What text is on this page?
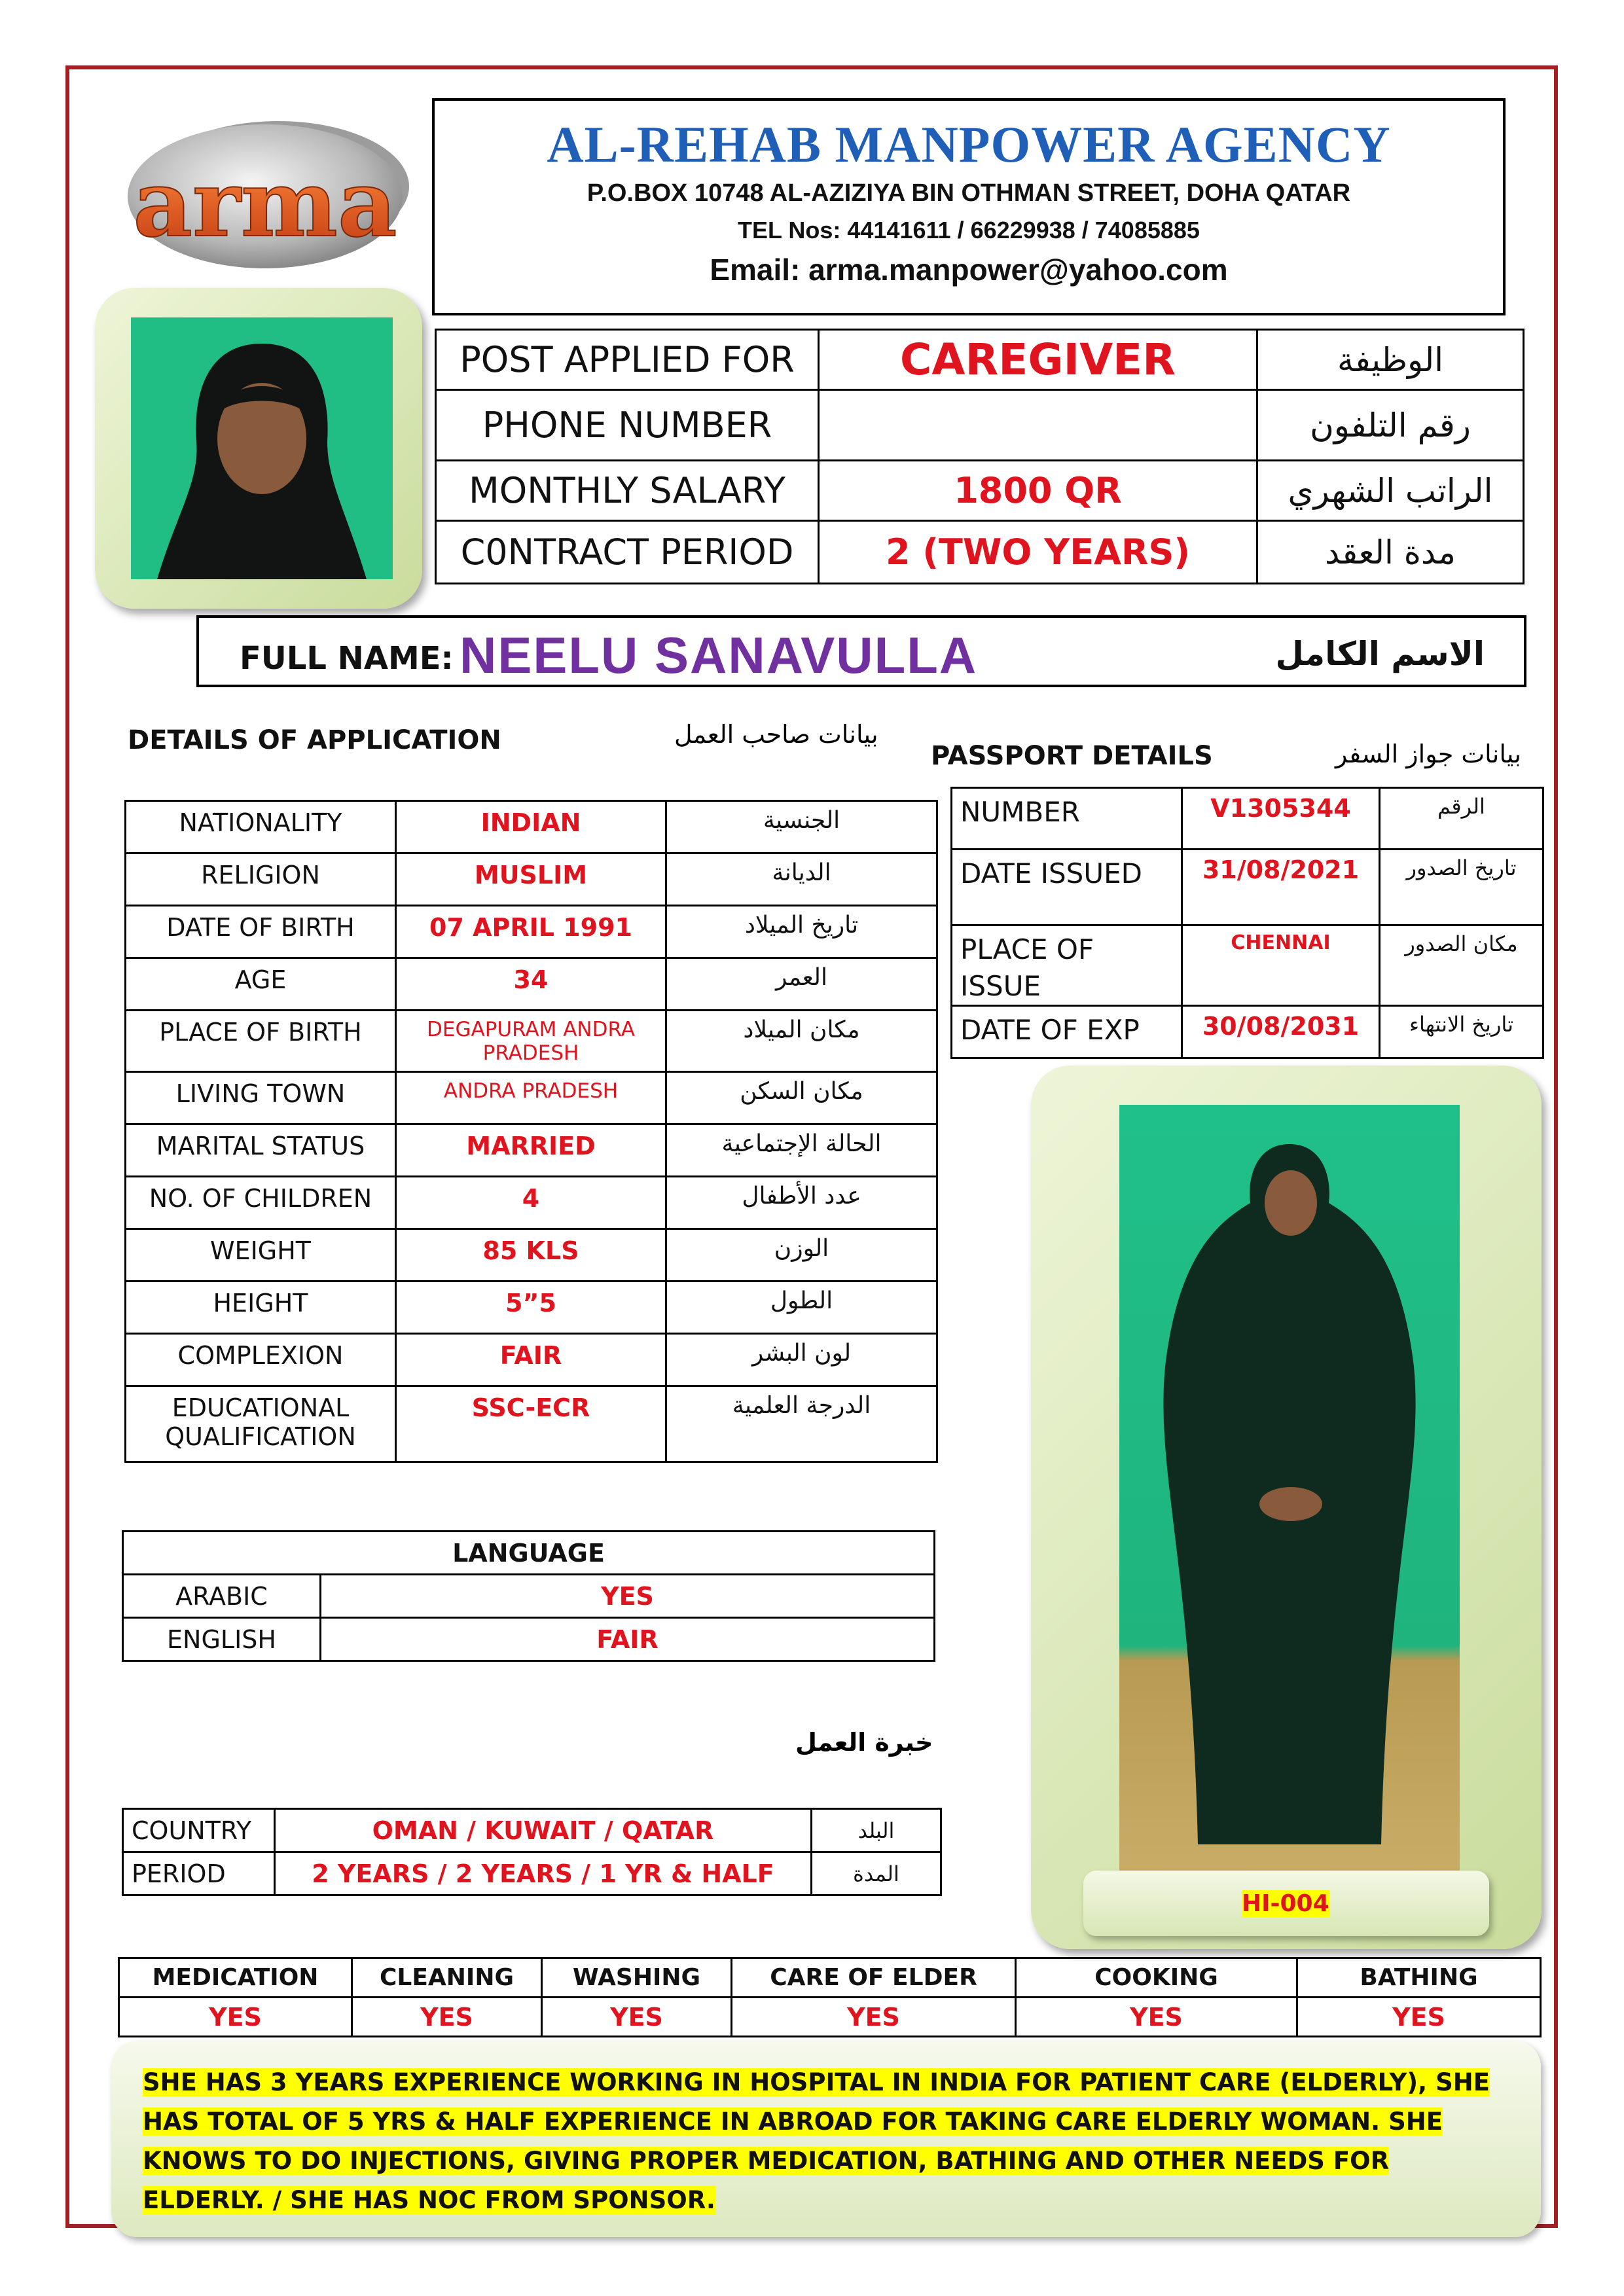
arma
AL-REHAB MANPOWER AGENCY
P.O.BOX 10748 AL-AZIZIYA BIN OTHMAN STREET, DOHA QATAR
TEL Nos: 44141611 / 66229938 / 74085885
Email: arma.manpower@yahoo.com
POST APPLIED FOR	CAREGIVER	الوظيفة
PHONE NUMBER		رقم التلفون
MONTHLY SALARY	1800 QR	الراتب الشهري
C0NTRACT PERIOD	2 (TWO YEARS)	مدة العقد
FULL NAME: NEELU SANAVULLA	الاسم الكامل
DETAILS OF APPLICATION	بيانات صاحب العمل
PASSPORT DETAILS	بيانات جواز السفر
NATIONALITY	INDIAN	الجنسية
RELIGION	MUSLIM	الديانة
DATE OF BIRTH	07 APRIL 1991	تاريخ الميلاد
AGE	34	العمر
PLACE OF BIRTH	DEGAPURAM ANDRA PRADESH	مكان الميلاد
LIVING TOWN	ANDRA PRADESH	مكان السكن
MARITAL STATUS	MARRIED	الحالة الإجتماعية
NO. OF CHILDREN	4	عدد الأطفال
WEIGHT	85 KLS	الوزن
HEIGHT	5”5	الطول
COMPLEXION	FAIR	لون البشر
EDUCATIONAL QUALIFICATION	SSC-ECR	الدرجة العلمية
NUMBER	V1305344	الرقم
DATE ISSUED	31/08/2021	تاريخ الصدور
PLACE OF ISSUE	CHENNAI	مكان الصدور
DATE OF EXP	30/08/2031	تاريخ الانتهاء
HI-004
LANGUAGE	
ARABIC	YES
ENGLISH	FAIR
خبرة العمل
COUNTRY	OMAN / KUWAIT / QATAR	البلد
PERIOD	2 YEARS / 2 YEARS / 1 YR & HALF	المدة
MEDICATION	CLEANING	WASHING	CARE OF ELDER	COOKING	BATHING
YES	YES	YES	YES	YES	YES
SHE HAS 3 YEARS EXPERIENCE WORKING IN HOSPITAL IN INDIA FOR PATIENT CARE (ELDERLY), SHE HAS TOTAL OF 5 YRS & HALF EXPERIENCE IN ABROAD FOR TAKING CARE ELDERLY WOMAN. SHE KNOWS TO DO INJECTIONS, GIVING PROPER MEDICATION, BATHING AND OTHER NEEDS FOR ELDERLY. / SHE HAS NOC FROM SPONSOR.
